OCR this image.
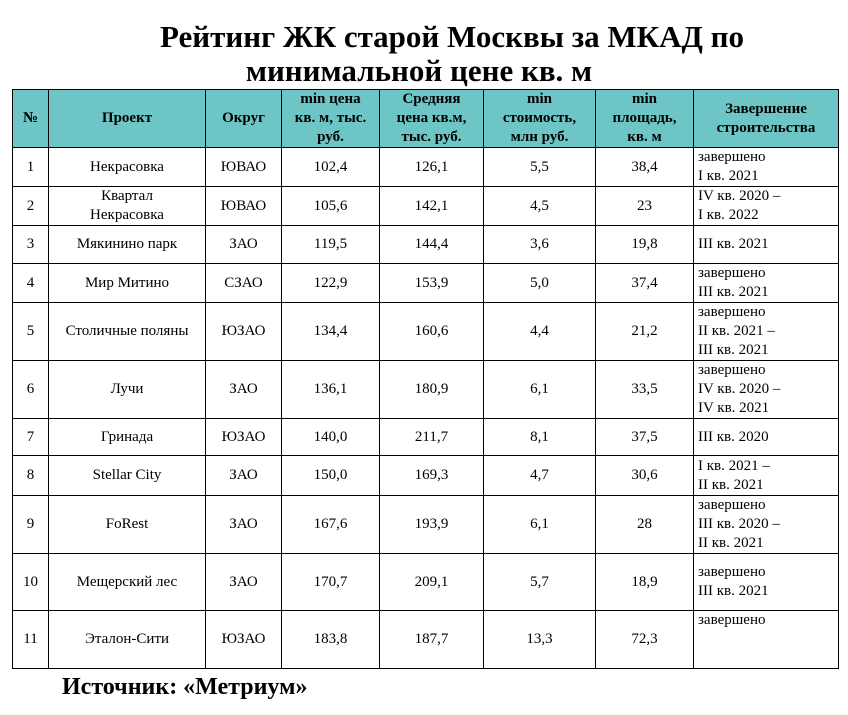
Рейтинг ЖК старой Москвы за МКАД по
минимальной цене кв. м
№	Проект	Округ	min цена
кв. м, тыс.
руб.	Средняя
цена кв.м,
тыс. руб.	min
стоимость,
млн руб.	min
площадь,
кв. м	Завершение
строительства
1	Некрасовка	ЮВАО	102,4	126,1	5,5	38,4	завершено
I кв. 2021
2	Квартал
Некрасовка	ЮВАО	105,6	142,1	4,5	23	IV кв. 2020 –
I кв. 2022
3	Мякинино парк	ЗАО	119,5	144,4	3,6	19,8	III кв. 2021
4	Мир Митино	СЗАО	122,9	153,9	5,0	37,4	завершено
III кв. 2021
5	Столичные поляны	ЮЗАО	134,4	160,6	4,4	21,2	завершено
II кв. 2021 –
III кв. 2021
6	Лучи	ЗАО	136,1	180,9	6,1	33,5	завершено
IV кв. 2020 –
IV кв. 2021
7	Гринада	ЮЗАО	140,0	211,7	8,1	37,5	III кв. 2020
8	Stellar City	ЗАО	150,0	169,3	4,7	30,6	I кв. 2021 –
II кв. 2021
9	FoRest	ЗАО	167,6	193,9	6,1	28	завершено
III кв. 2020 –
II кв. 2021
10	Мещерский лес	ЗАО	170,7	209,1	5,7	18,9	завершено
III кв. 2021
11	Эталон-Сити	ЮЗАО	183,8	187,7	13,3	72,3	завершено
Источник: «Метриум»
